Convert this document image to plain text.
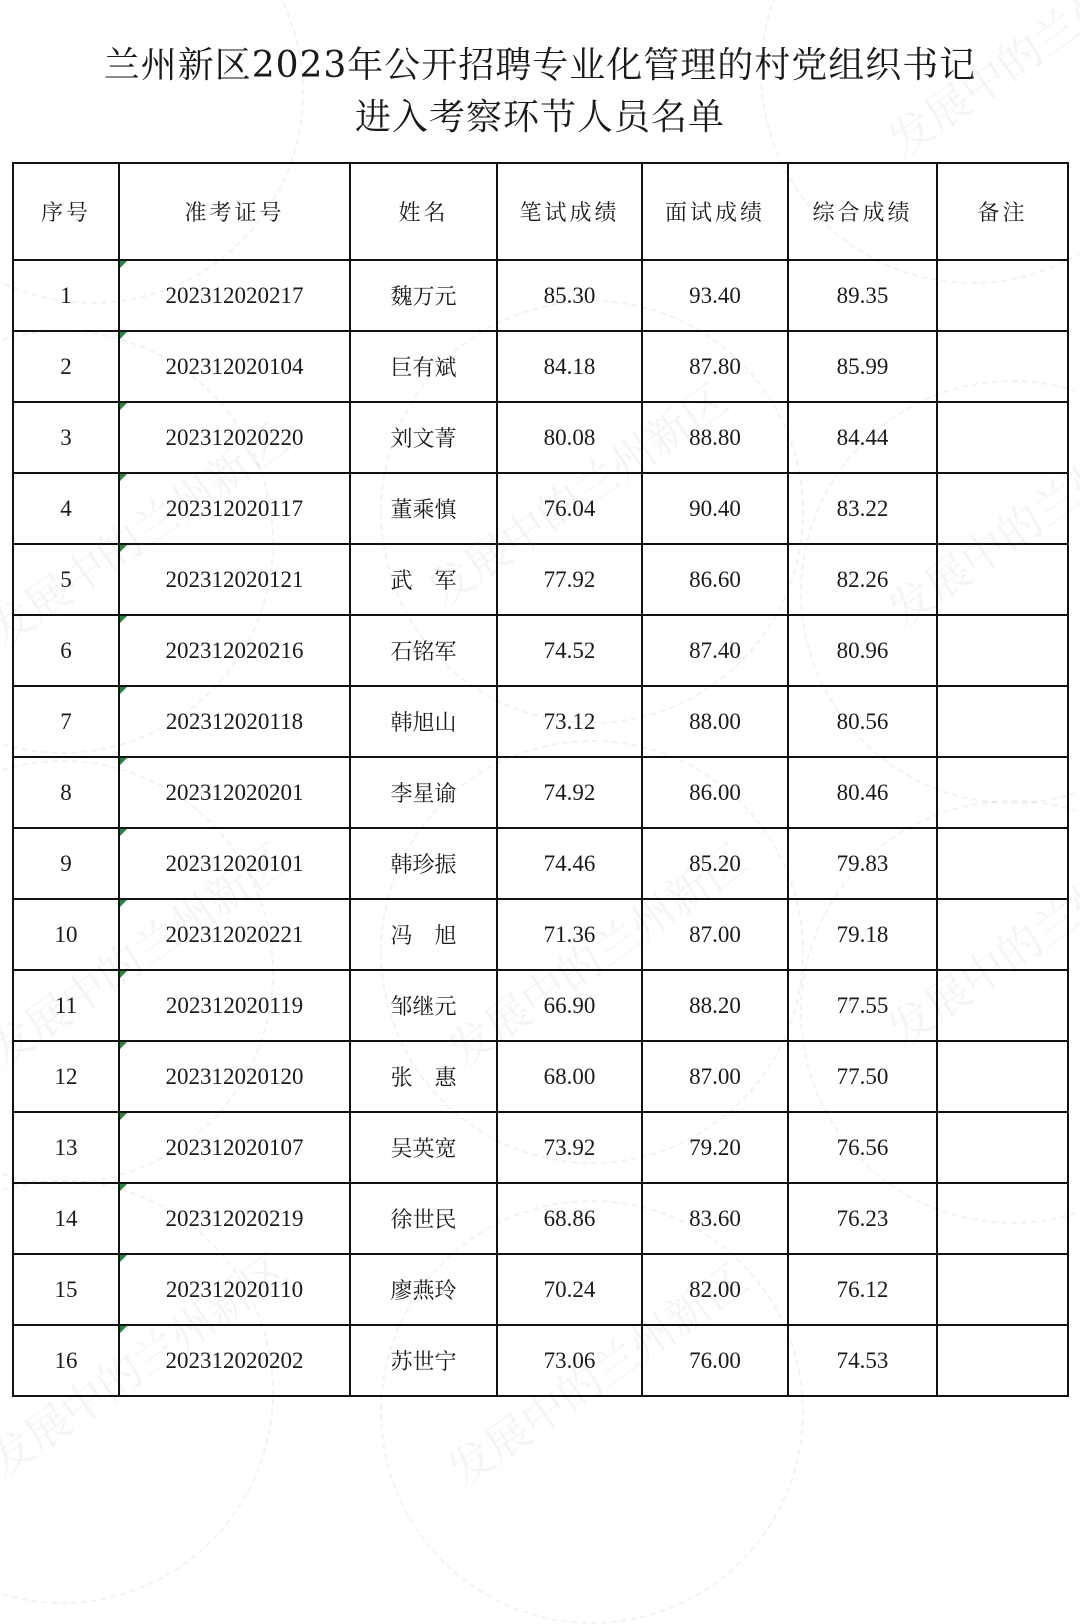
兰州新区2023年公开招聘专业化管理的村党组织书记
进入考察环节人员名单
序号	准考证号	姓名	笔试成绩	面试成绩	综合成绩	备注
1	202312020217	魏万元	85.30	93.40	89.35	
2	202312020104	巨有斌	84.18	87.80	85.99	
3	202312020220	刘文菁	80.08	88.80	84.44	
4	202312020117	董乘慎	76.04	90.40	83.22	
5	202312020121	武　军	77.92	86.60	82.26	
6	202312020216	石铭军	74.52	87.40	80.96	
7	202312020118	韩旭山	73.12	88.00	80.56	
8	202312020201	李星谕	74.92	86.00	80.46	
9	202312020101	韩珍振	74.46	85.20	79.83	
10	202312020221	冯　旭	71.36	87.00	79.18	
11	202312020119	邹继元	66.90	88.20	77.55	
12	202312020120	张　惠	68.00	87.00	77.50	
13	202312020107	吴英宽	73.92	79.20	76.56	
14	202312020219	徐世民	68.86	83.60	76.23	
15	202312020110	廖燕玲	70.24	82.00	76.12	
16	202312020202	苏世宁	73.06	76.00	74.53	
